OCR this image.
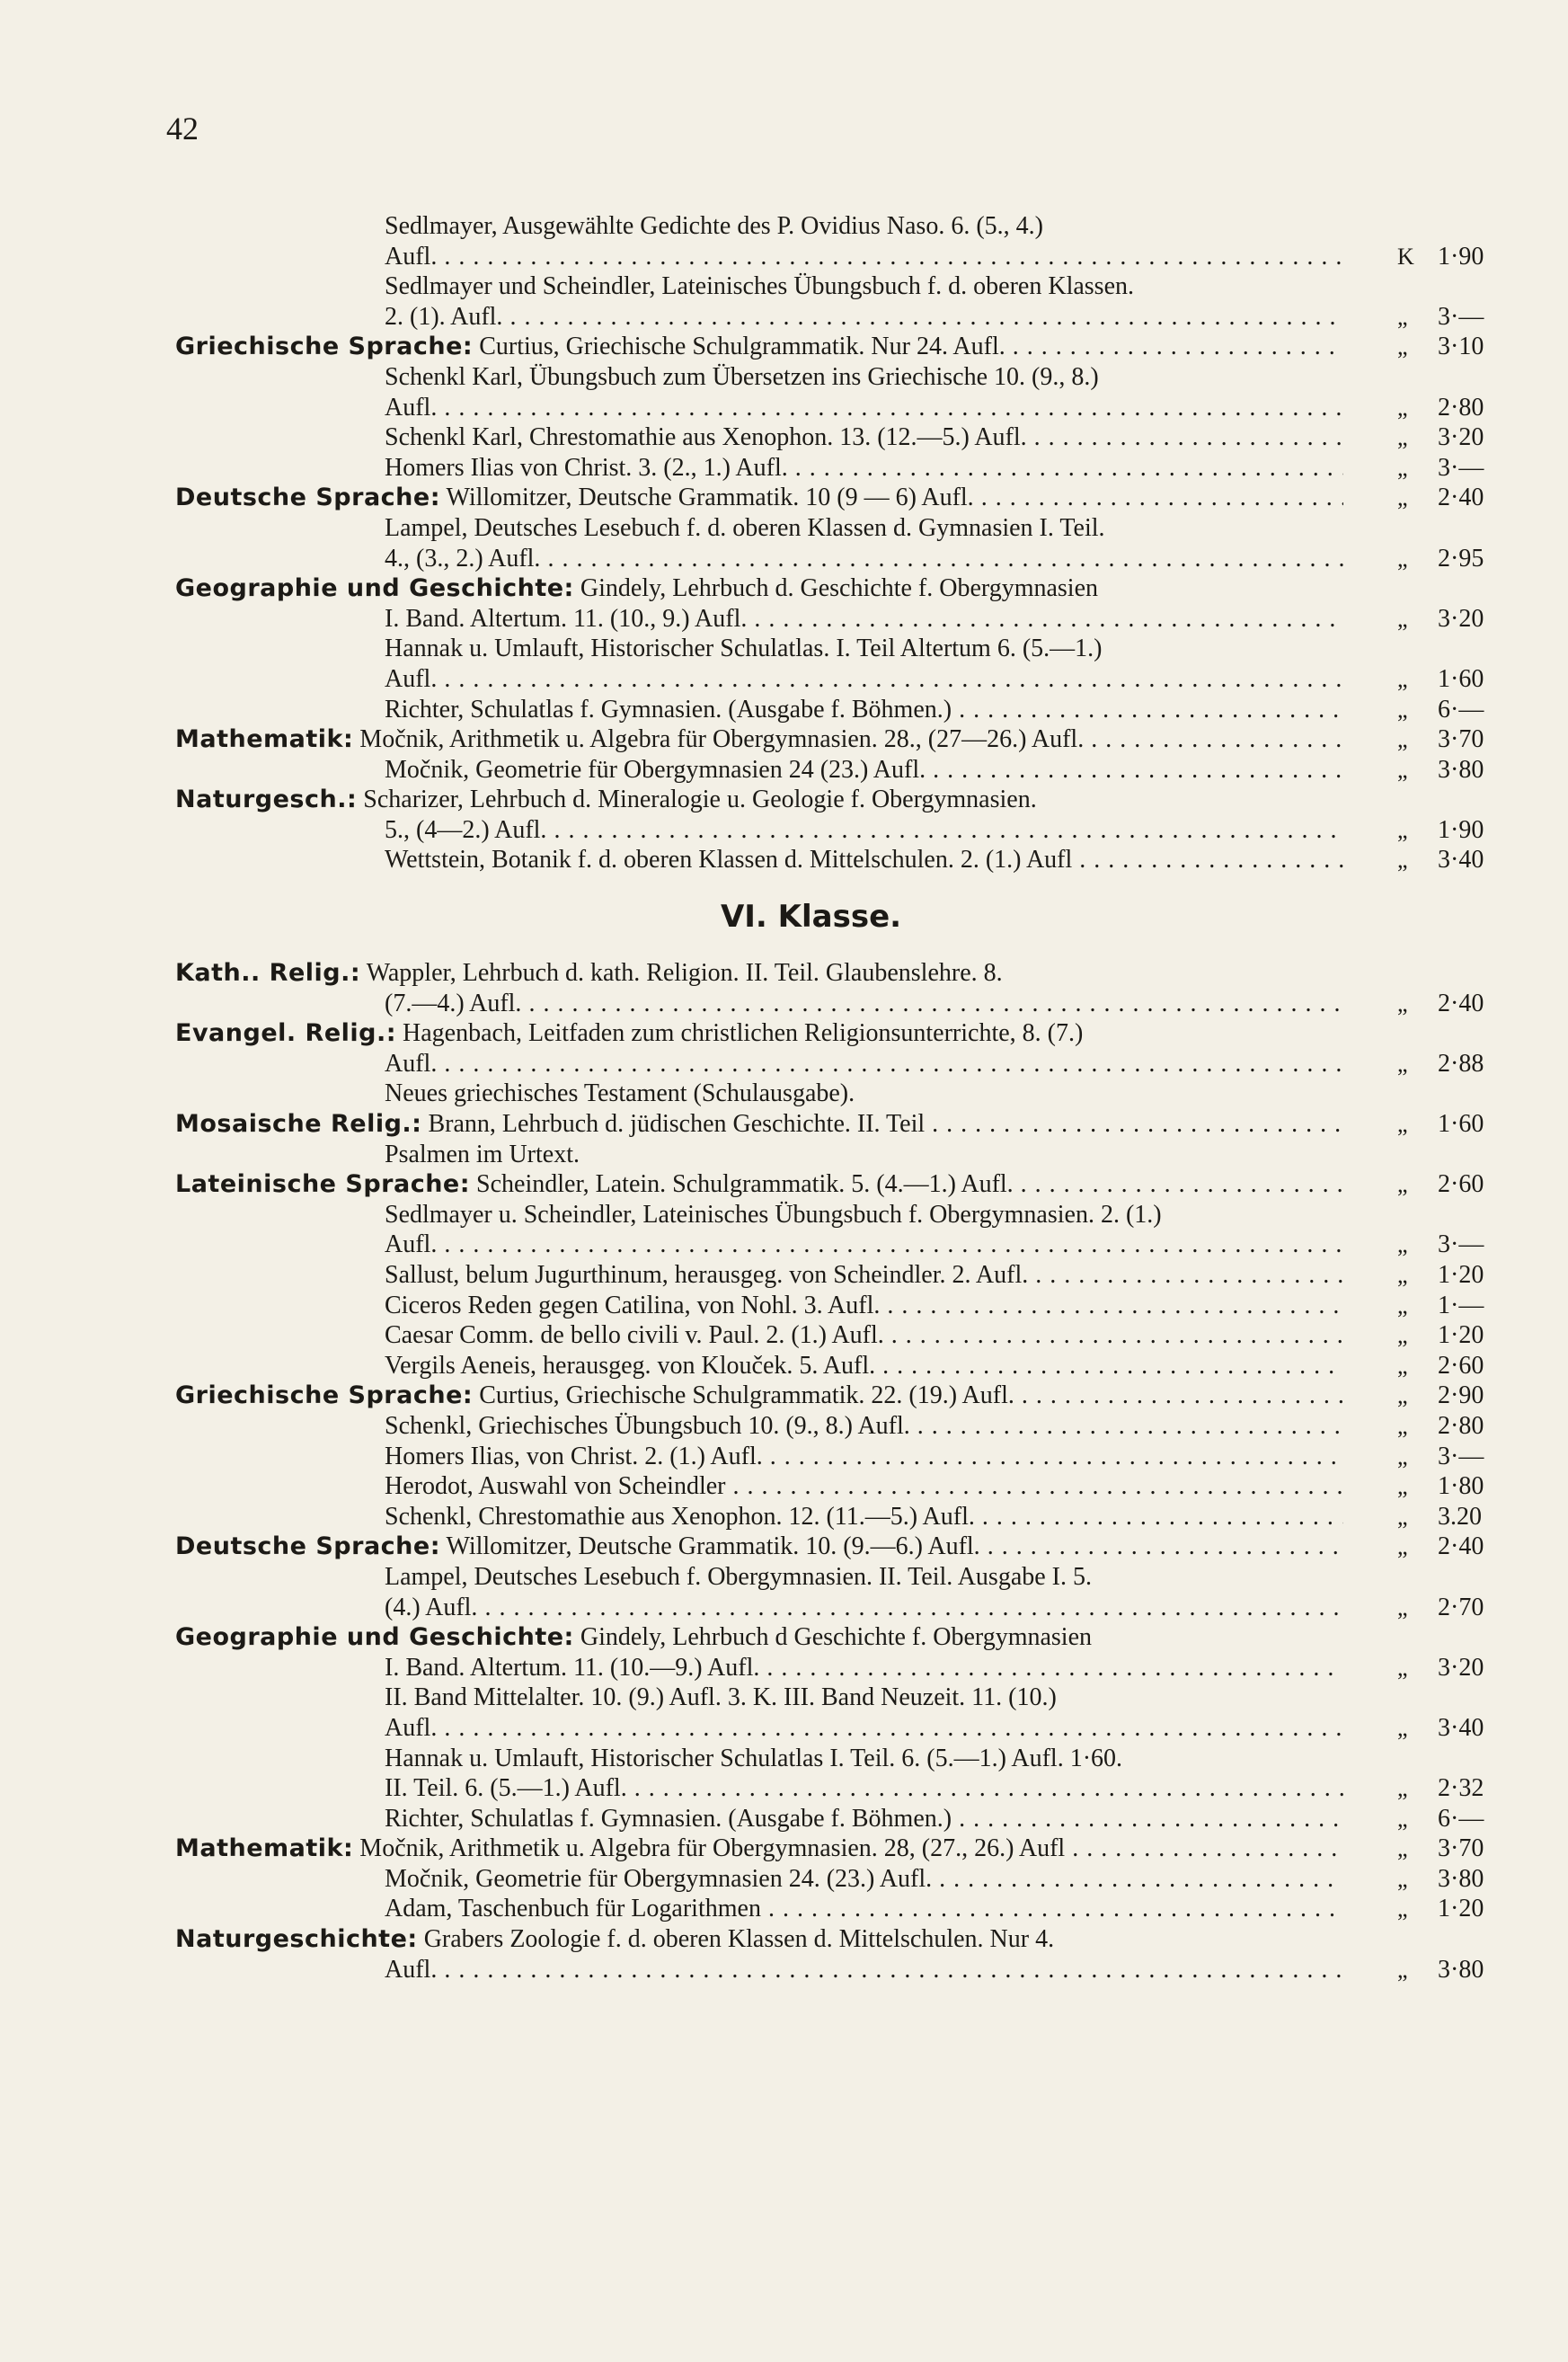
42
Sedlmayer, Ausgewählte Gedichte des P. Ovidius Naso. 6. (5., 4.)
Aufl. . . .	K 1·90
Sedlmayer und Scheindler, Lateinisches Übungsbuch f. d. oberen Klassen.
2. (1). Aufl. . . .	„ 3·—
Griechische Sprache: Curtius, Griechische Schulgrammatik. Nur 24. Aufl. . . .	„ 3·10
Schenkl Karl, Übungsbuch zum Übersetzen ins Griechische 10. (9., 8.)
Aufl. . . .	„ 2·80
Schenkl Karl, Chrestomathie aus Xenophon. 13. (12.—5.) Aufl. . . .	„ 3·20
Homers Ilias von Christ. 3. (2., 1.) Aufl. . . .	„ 3·—
Deutsche Sprache: Willomitzer, Deutsche Grammatik. 10 (9 — 6) Aufl. . . .	„ 2·40
Lampel, Deutsches Lesebuch f. d. oberen Klassen d. Gymnasien I. Teil.
4., (3., 2.) Aufl. . . .	„ 2·95
Geographie und Geschichte: Gindely, Lehrbuch d. Geschichte f. Obergymnasien
I. Band. Altertum. 11. (10., 9.) Aufl. . . .	„ 3·20
Hannak u. Umlauft, Historischer Schulatlas. I. Teil Altertum 6. (5.—1.)
Aufl. . . .	„ 1·60
Richter, Schulatlas f. Gymnasien. (Ausgabe f. Böhmen.) . . .	„ 6·—
Mathematik: Močnik, Arithmetik u. Algebra für Obergymnasien. 28., (27—26.) Aufl. . . .	„ 3·70
Močnik, Geometrie für Obergymnasien 24 (23.) Aufl. . . .	„ 3·80
Naturgesch.: Scharizer, Lehrbuch d. Mineralogie u. Geologie f. Obergymnasien.
5., (4—2.) Aufl. . . .	„ 1·90
Wettstein, Botanik f. d. oberen Klassen d. Mittelschulen. 2. (1.) Aufl . . .	„ 3·40
VI. Klasse.
Kath.. Relig.: Wappler, Lehrbuch d. kath. Religion. II. Teil. Glaubenslehre. 8.
(7.—4.) Aufl. . . .	„ 2·40
Evangel. Relig.: Hagenbach, Leitfaden zum christlichen Religionsunterrichte, 8. (7.)
Aufl. . . .	„ 2·88
Neues griechisches Testament (Schulausgabe).
Mosaische Relig.: Brann, Lehrbuch d. jüdischen Geschichte. II. Teil . . .	„ 1·60
Psalmen im Urtext.
Lateinische Sprache: Scheindler, Latein. Schulgrammatik. 5. (4.—1.) Aufl. . . .	„ 2·60
Sedlmayer u. Scheindler, Lateinisches Übungsbuch f. Obergymnasien. 2. (1.)
Aufl. . . .	„ 3·—
Sallust, belum Jugurthinum, herausgeg. von Scheindler. 2. Aufl. . . .	„ 1·20
Ciceros Reden gegen Catilina, von Nohl. 3. Aufl. . . .	„ 1·—
Caesar Comm. de bello civili v. Paul. 2. (1.) Aufl. . . .	„ 1·20
Vergils Aeneis, herausgeg. von Klouček. 5. Aufl. . . .	„ 2·60
Griechische Sprache: Curtius, Griechische Schulgrammatik. 22. (19.) Aufl. . . .	„ 2·90
Schenkl, Griechisches Übungsbuch 10. (9., 8.) Aufl. . . .	„ 2·80
Homers Ilias, von Christ. 2. (1.) Aufl. . . .	„ 3·—
Herodot, Auswahl von Scheindler . . .	„ 1·80
Schenkl, Chrestomathie aus Xenophon. 12. (11.—5.) Aufl. . . .	„ 3.20
Deutsche Sprache: Willomitzer, Deutsche Grammatik. 10. (9.—6.) Aufl. . . .	„ 2·40
Lampel, Deutsches Lesebuch f. Obergymnasien. II. Teil. Ausgabe I. 5.
(4.) Aufl. . . .	„ 2·70
Geographie und Geschichte: Gindely, Lehrbuch d Geschichte f. Obergymnasien
I. Band. Altertum. 11. (10.—9.) Aufl. . . .	„ 3·20
II. Band Mittelalter. 10. (9.) Aufl. 3. K. III. Band Neuzeit. 11. (10.)
Aufl. . . .	„ 3·40
Hannak u. Umlauft, Historischer Schulatlas I. Teil. 6. (5.—1.) Aufl. 1·60.
II. Teil. 6. (5.—1.) Aufl. . . .	„ 2·32
Richter, Schulatlas f. Gymnasien. (Ausgabe f. Böhmen.) . . .	„ 6·—
Mathematik: Močnik, Arithmetik u. Algebra für Obergymnasien. 28, (27., 26.) Aufl . . .	„ 3·70
Močnik, Geometrie für Obergymnasien 24. (23.) Aufl. . . .	„ 3·80
Adam, Taschenbuch für Logarithmen . . .	„ 1·20
Naturgeschichte: Grabers Zoologie f. d. oberen Klassen d. Mittelschulen. Nur 4.
Aufl. . . .	„ 3·80
